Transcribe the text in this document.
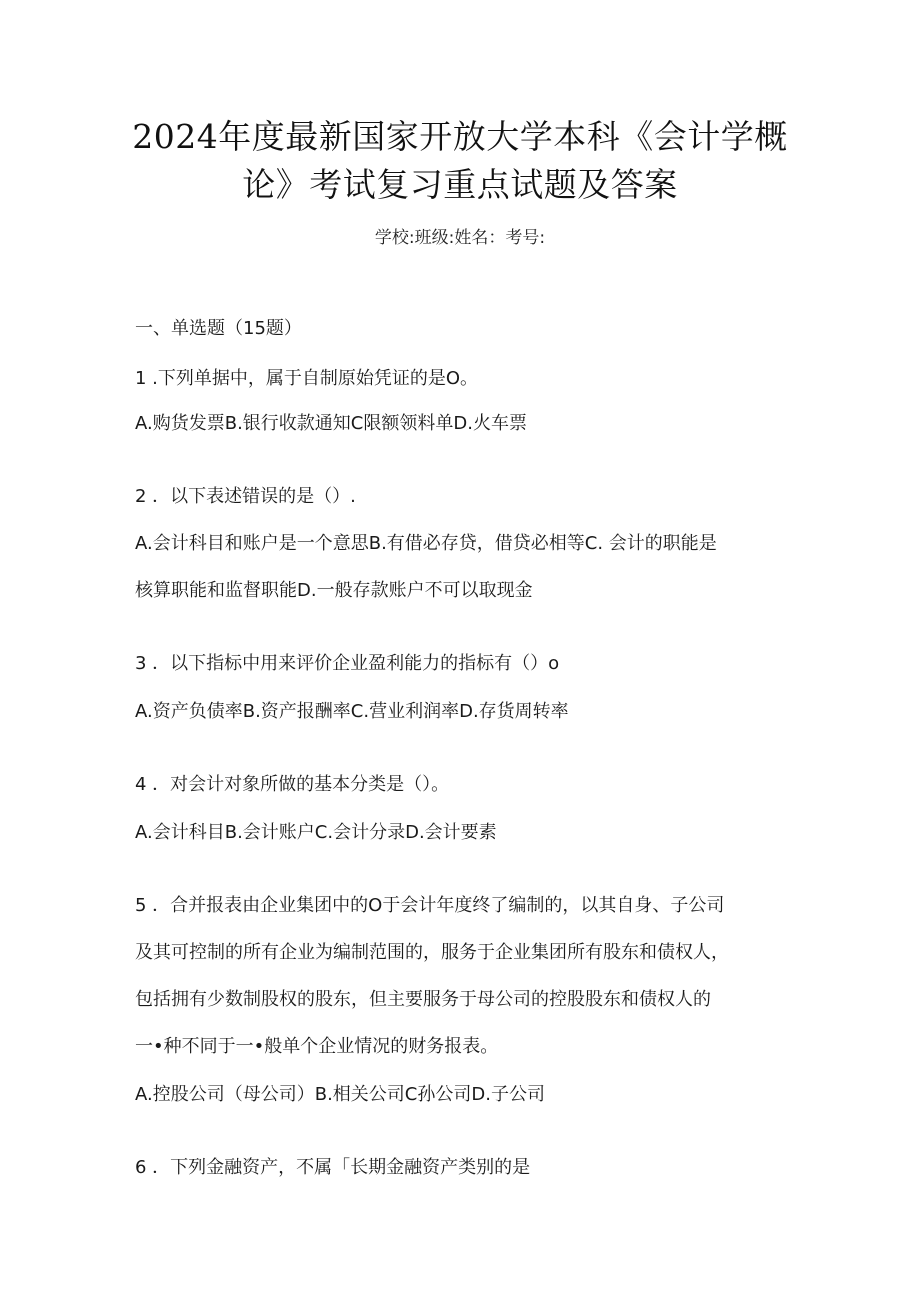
2024年度最新国家开放大学本科《会计学概
论》考试复习重点试题及答案
学校:班级:姓名：考号:
一、单选题（15题）
1 .下列单据中，属于自制原始凭证的是O。
A.购货发票B.银行收款通知C限额领料单D.火车票
2 ．以下表述错误的是（）.
A.会计科目和账户是一个意思B.有借必存贷，借贷必相等C. 会计的职能是
核算职能和监督职能D.一般存款账户不可以取现金
3 ．以下指标中用来评价企业盈利能力的指标有（）o
A.资产负债率B.资产报酬率C.营业利润率D.存货周转率
4 ．对会计对象所做的基本分类是（）。
A.会计科目B.会计账户C.会计分录D.会计要素
5 ．合并报表由企业集团中的O于会计年度终了编制的，以其自身、子公司
及其可控制的所有企业为编制范围的，服务于企业集团所有股东和债权人，
包括拥有少数制股权的股东，但主要服务于母公司的控股股东和债权人的
一•种不同于一•般单个企业情况的财务报表。
A.控股公司（母公司）B.相关公司C孙公司D.子公司
6 ．下列金融资产，不属「长期金融资产类别的是
